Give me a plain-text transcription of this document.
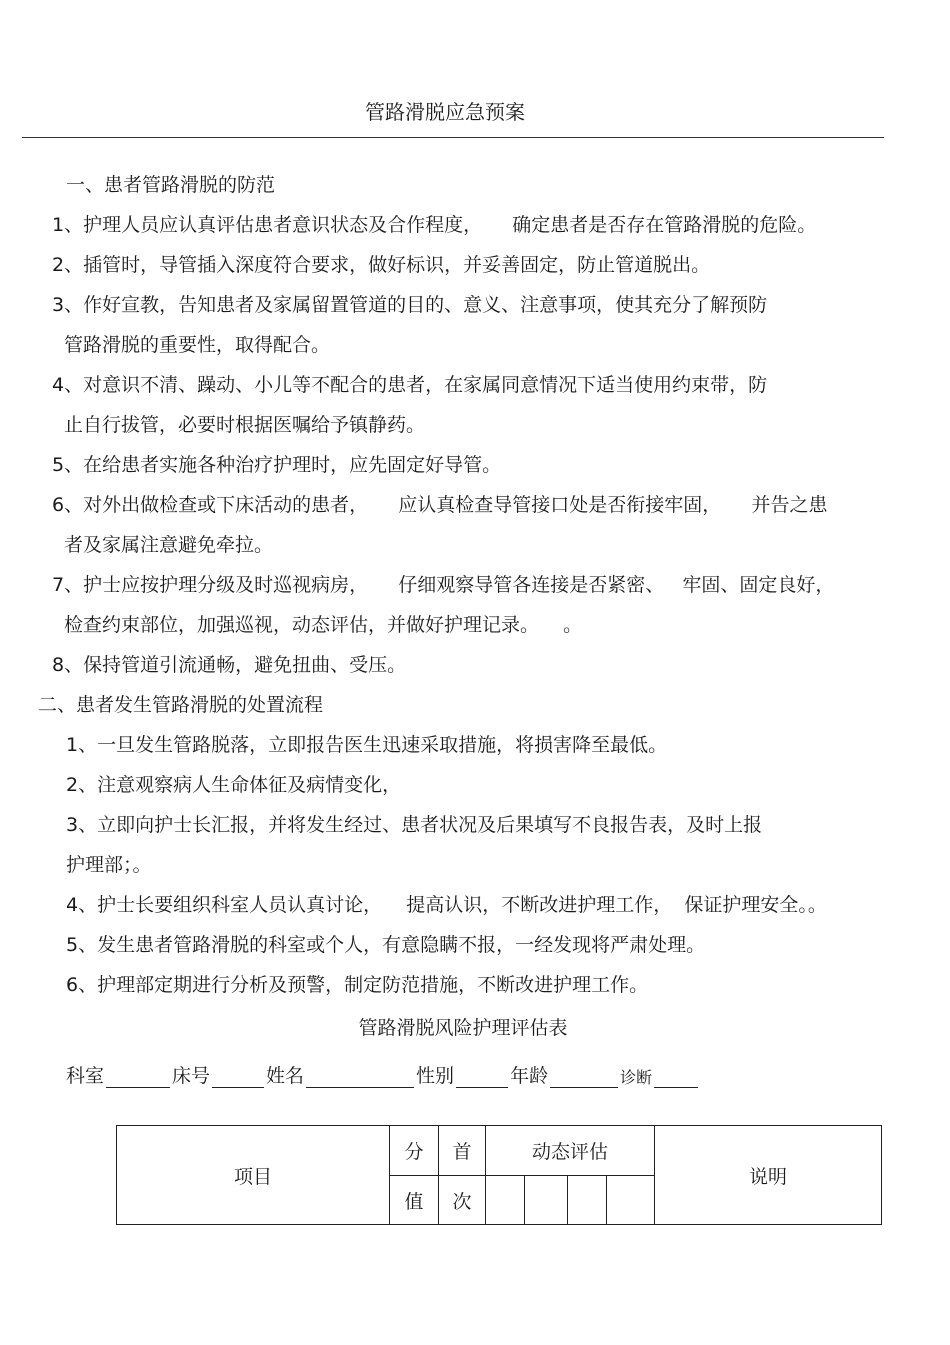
管路滑脱应急预案
一、患者管路滑脱的防范
1、护理人员应认真评估患者意识状态及合作程度，     确定患者是否存在管路滑脱的危险。
2、插管时，导管插入深度符合要求，做好标识，并妥善固定，防止管道脱出。
3、作好宣教，告知患者及家属留置管道的目的、意义、注意事项，使其充分了解预防
管路滑脱的重要性，取得配合。
4、对意识不清、躁动、小儿等不配合的患者，在家属同意情况下适当使用约束带，防
止自行拔管，必要时根据医嘱给予镇静药。
5、在给患者实施各种治疗护理时，应先固定好导管。
6、对外出做检查或下床活动的患者，     应认真检查导管接口处是否衔接牢固，     并告之患
者及家属注意避免牵拉。
7、护士应按护理分级及时巡视病房，     仔细观察导管各连接是否紧密、   牢固、固定良好，
检查约束部位，加强巡视，动态评估，并做好护理记录。    。
8、保持管道引流通畅，避免扭曲、受压。
二、患者发生管路滑脱的处置流程
1、一旦发生管路脱落，立即报告医生迅速采取措施，将损害降至最低。
2、注意观察病人生命体征及病情变化，
3、立即向护士长汇报，并将发生经过、患者状况及后果填写不良报告表，及时上报
护理部；。
4、护士长要组织科室人员认真讨论，    提高认识，不断改进护理工作，  保证护理安全。。
5、发生患者管路滑脱的科室或个人，有意隐瞒不报，一经发现将严肃处理。
6、护理部定期进行分析及预警，制定防范措施，不断改进护理工作。
管路滑脱风险护理评估表
科室	床号	姓名	性别	年龄	诊断
项目	分	首	动态评估				说明
	值	次					
